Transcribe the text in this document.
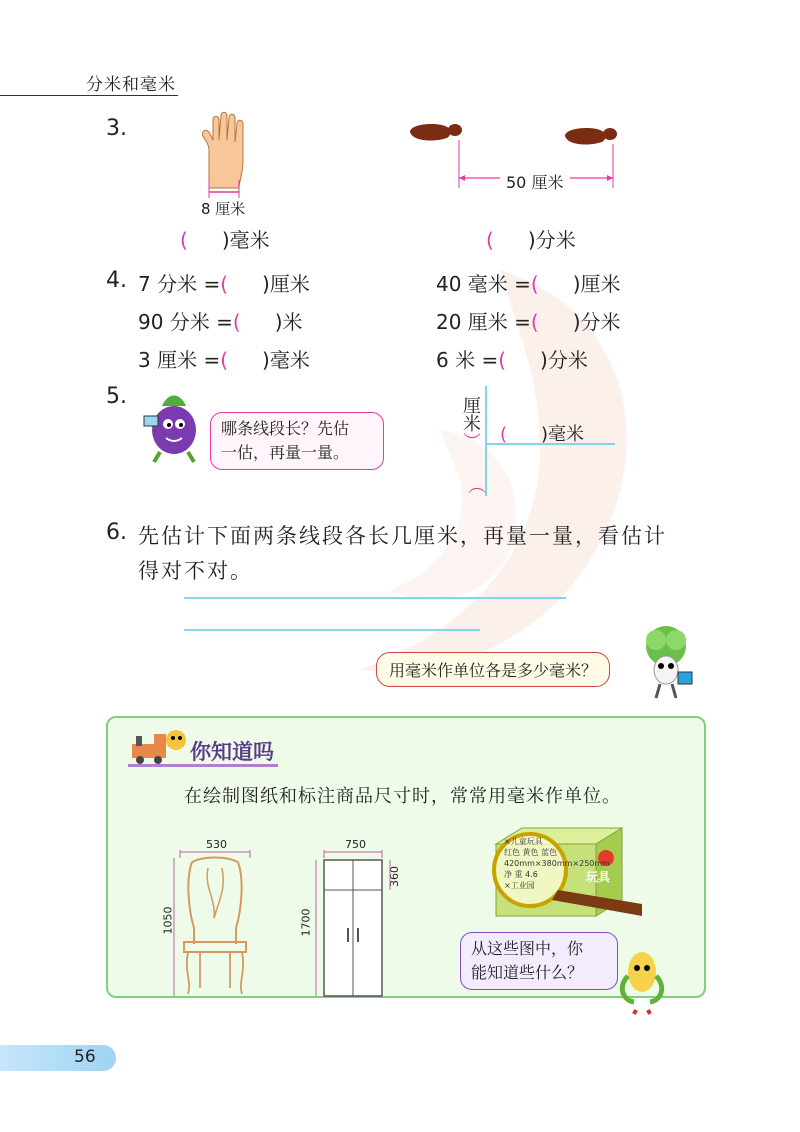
分米和毫米
3.
8 厘米
( )毫米
50 厘米
( )分米
4. 7 分米 =( )厘米	40 毫米 =( )厘米
90 分米 =( )米	20 厘米 =( )分米
3 厘米 =( )毫米	6 米 =( )分米
5.
哪条线段长？先估
一估，再量一量。
厘米）
（
( )毫米
6. 先估计下面两条线段各长几厘米，再量一量，看估计
得对不对。
用毫米作单位各是多少毫米？
你知道吗
在绘制图纸和标注商品尺寸时，常常用毫米作单位。
530
1050
750
1700
360
×儿童玩具
红色 黄色 蓝色
420mm×380mm×250mm
净 重 4.6
×工业园
玩具
从这些图中，你
能知道些什么？
56
